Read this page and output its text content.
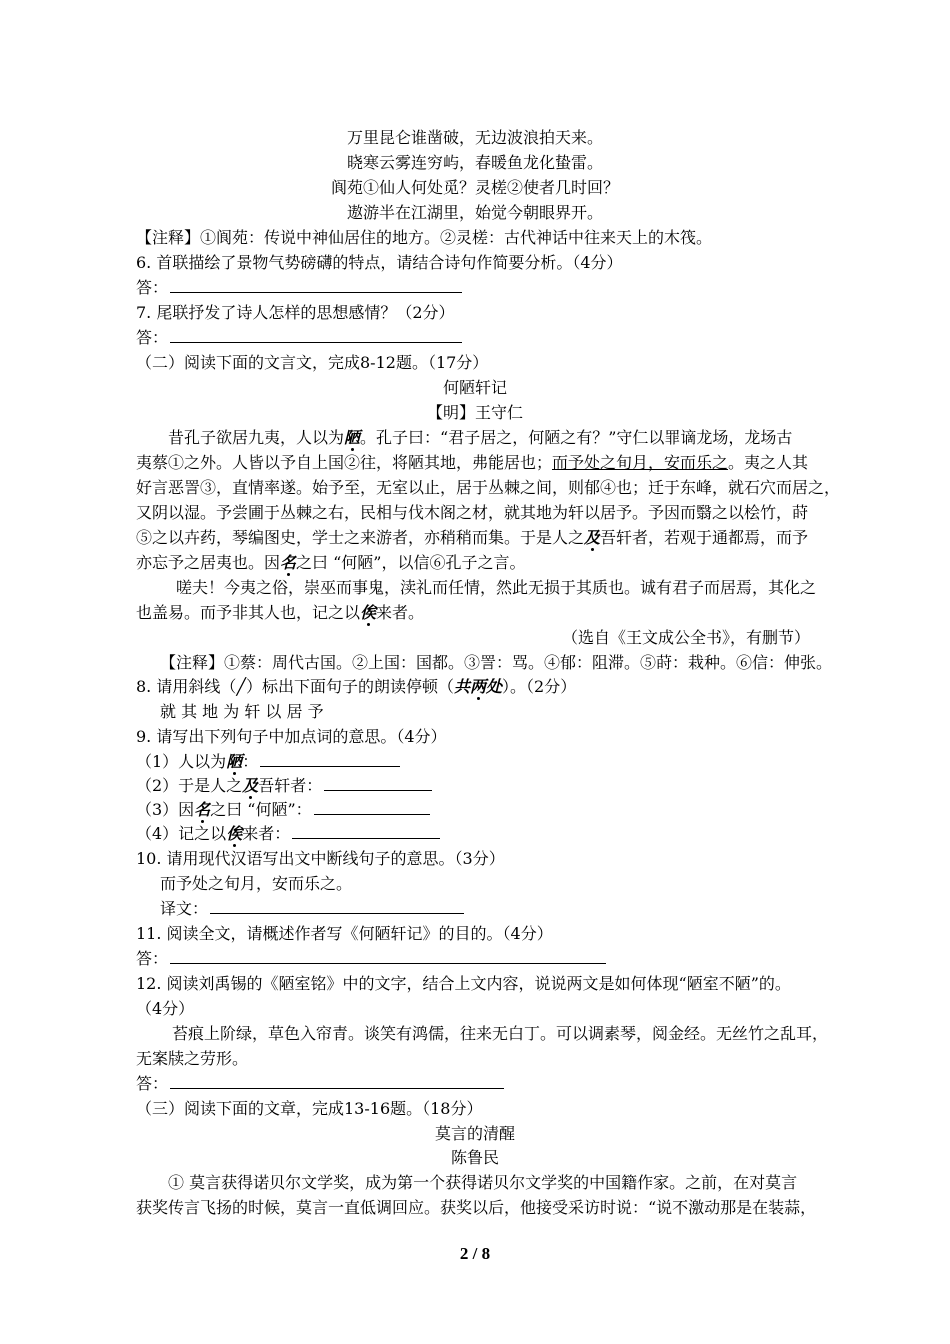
万里昆仑谁凿破，无边波浪拍天来。
晓寒云雾连穷屿，春暖鱼龙化蛰雷。
阆苑①仙人何处觅？灵槎②使者几时回？
遨游半在江湖里，始觉今朝眼界开。
【注释】①阆苑：传说中神仙居住的地方。②灵槎：古代神话中往来天上的木筏。
6. 首联描绘了景物气势磅礴的特点，请结合诗句作简要分析。（4分）
答：
7. 尾联抒发了诗人怎样的思想感情？（2分）
答：
（二）阅读下面的文言文，完成8-12题。（17分）
何陋轩记
【明】王守仁
昔孔子欲居九夷，人以为陋。孔子曰：“君子居之，何陋之有？”守仁以罪谪龙场，龙场古
夷蔡①之外。人皆以予自上国②往，将陋其地，弗能居也；而予处之旬月，安而乐之。夷之人其
好言恶詈③，直情率遂。始予至，无室以止，居于丛棘之间，则郁④也；迁于东峰，就石穴而居之，
又阴以湿。予尝圃于丛棘之右，民相与伐木阁之材，就其地为轩以居予。予因而翳之以桧竹，莳
⑤之以卉药，琴编图史，学士之来游者，亦稍稍而集。于是人之及吾轩者，若观于通都焉，而予
亦忘予之居夷也。因名之曰 “何陋”，以信⑥孔子之言。
嗟夫！今夷之俗，崇巫而事鬼，渎礼而任情，然此无损于其质也。诚有君子而居焉，其化之
也盖易。而予非其人也，记之以俟来者。
（选自《王文成公全书》，有删节）
【注释】①蔡：周代古国。②上国：国都。③詈：骂。④郁：阻滞。⑤莳：栽种。⑥信：伸张。
8. 请用斜线（╱）标出下面句子的朗读停顿（共两处）。（2分）
就 其 地 为 轩 以 居 予
9. 请写出下列句子中加点词的意思。（4分）
（1）人以为陋：
（2）于是人之及吾轩者：
（3）因名之曰 “何陋”：
（4）记之以俟来者：
10. 请用现代汉语写出文中断线句子的意思。（3分）
而予处之旬月，安而乐之。
译文：
11. 阅读全文，请概述作者写《何陋轩记》的目的。（4分）
答：
12. 阅读刘禹锡的《陋室铭》中的文字，结合上文内容，说说两文是如何体现“陋室不陋”的。
（4分）
苔痕上阶绿，草色入帘青。谈笑有鸿儒，往来无白丁。可以调素琴，阅金经。无丝竹之乱耳，
无案牍之劳形。
答：
（三）阅读下面的文章，完成13-16题。（18分）
莫言的清醒
陈鲁民
① 莫言获得诺贝尔文学奖，成为第一个获得诺贝尔文学奖的中国籍作家。之前，在对莫言
获奖传言飞扬的时候，莫言一直低调回应。获奖以后，他接受采访时说：“说不激动那是在装蒜，
2 / 8
